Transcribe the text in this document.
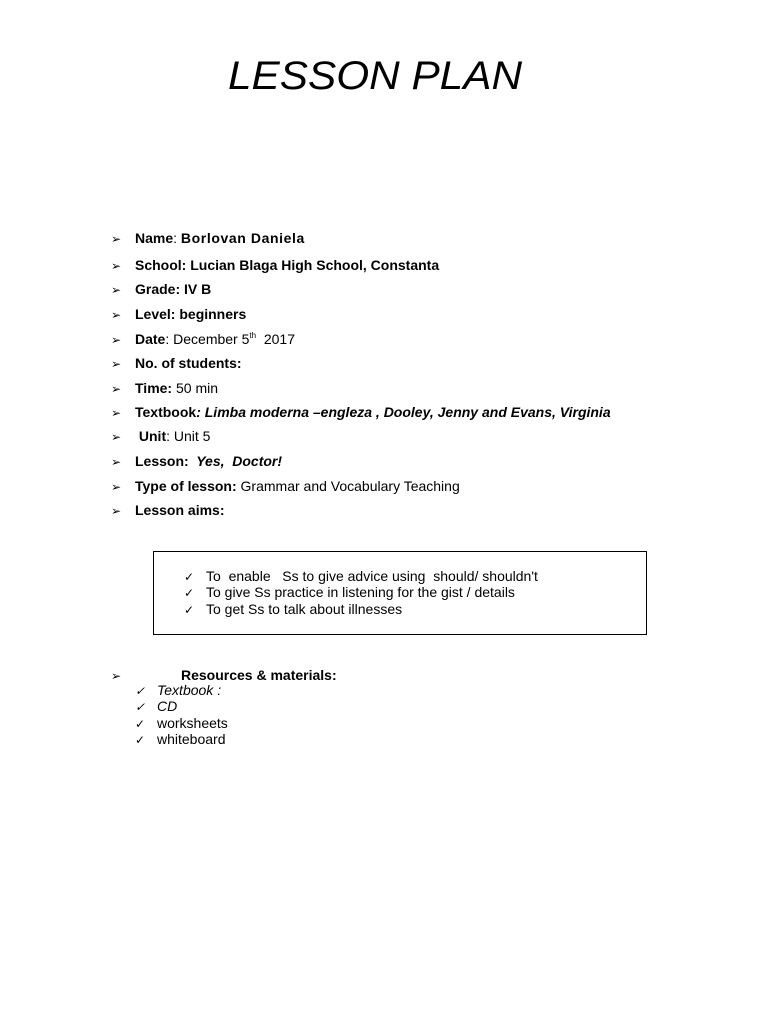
LESSON PLAN
➢ Name: Borlovan Daniela
➢ School: Lucian Blaga High School, Constanta
➢ Grade: IV B
➢ Level: beginners
➢ Date: December 5th  2017
➢ No. of students:
➢ Time: 50 min
➢ Textbook: Limba moderna –engleza , Dooley, Jenny and Evans, Virginia
➢ Unit: Unit 5
➢ Lesson:  Yes,  Doctor!
➢ Type of lesson: Grammar and Vocabulary Teaching
➢ Lesson aims:
✓ To  enable   Ss to give advice using  should/ shouldn't
✓ To give Ss practice in listening for the gist / details
✓ To get Ss to talk about illnesses
➢	Resources & materials:
✓ Textbook :
✓ CD
✓ worksheets
✓ whiteboard
